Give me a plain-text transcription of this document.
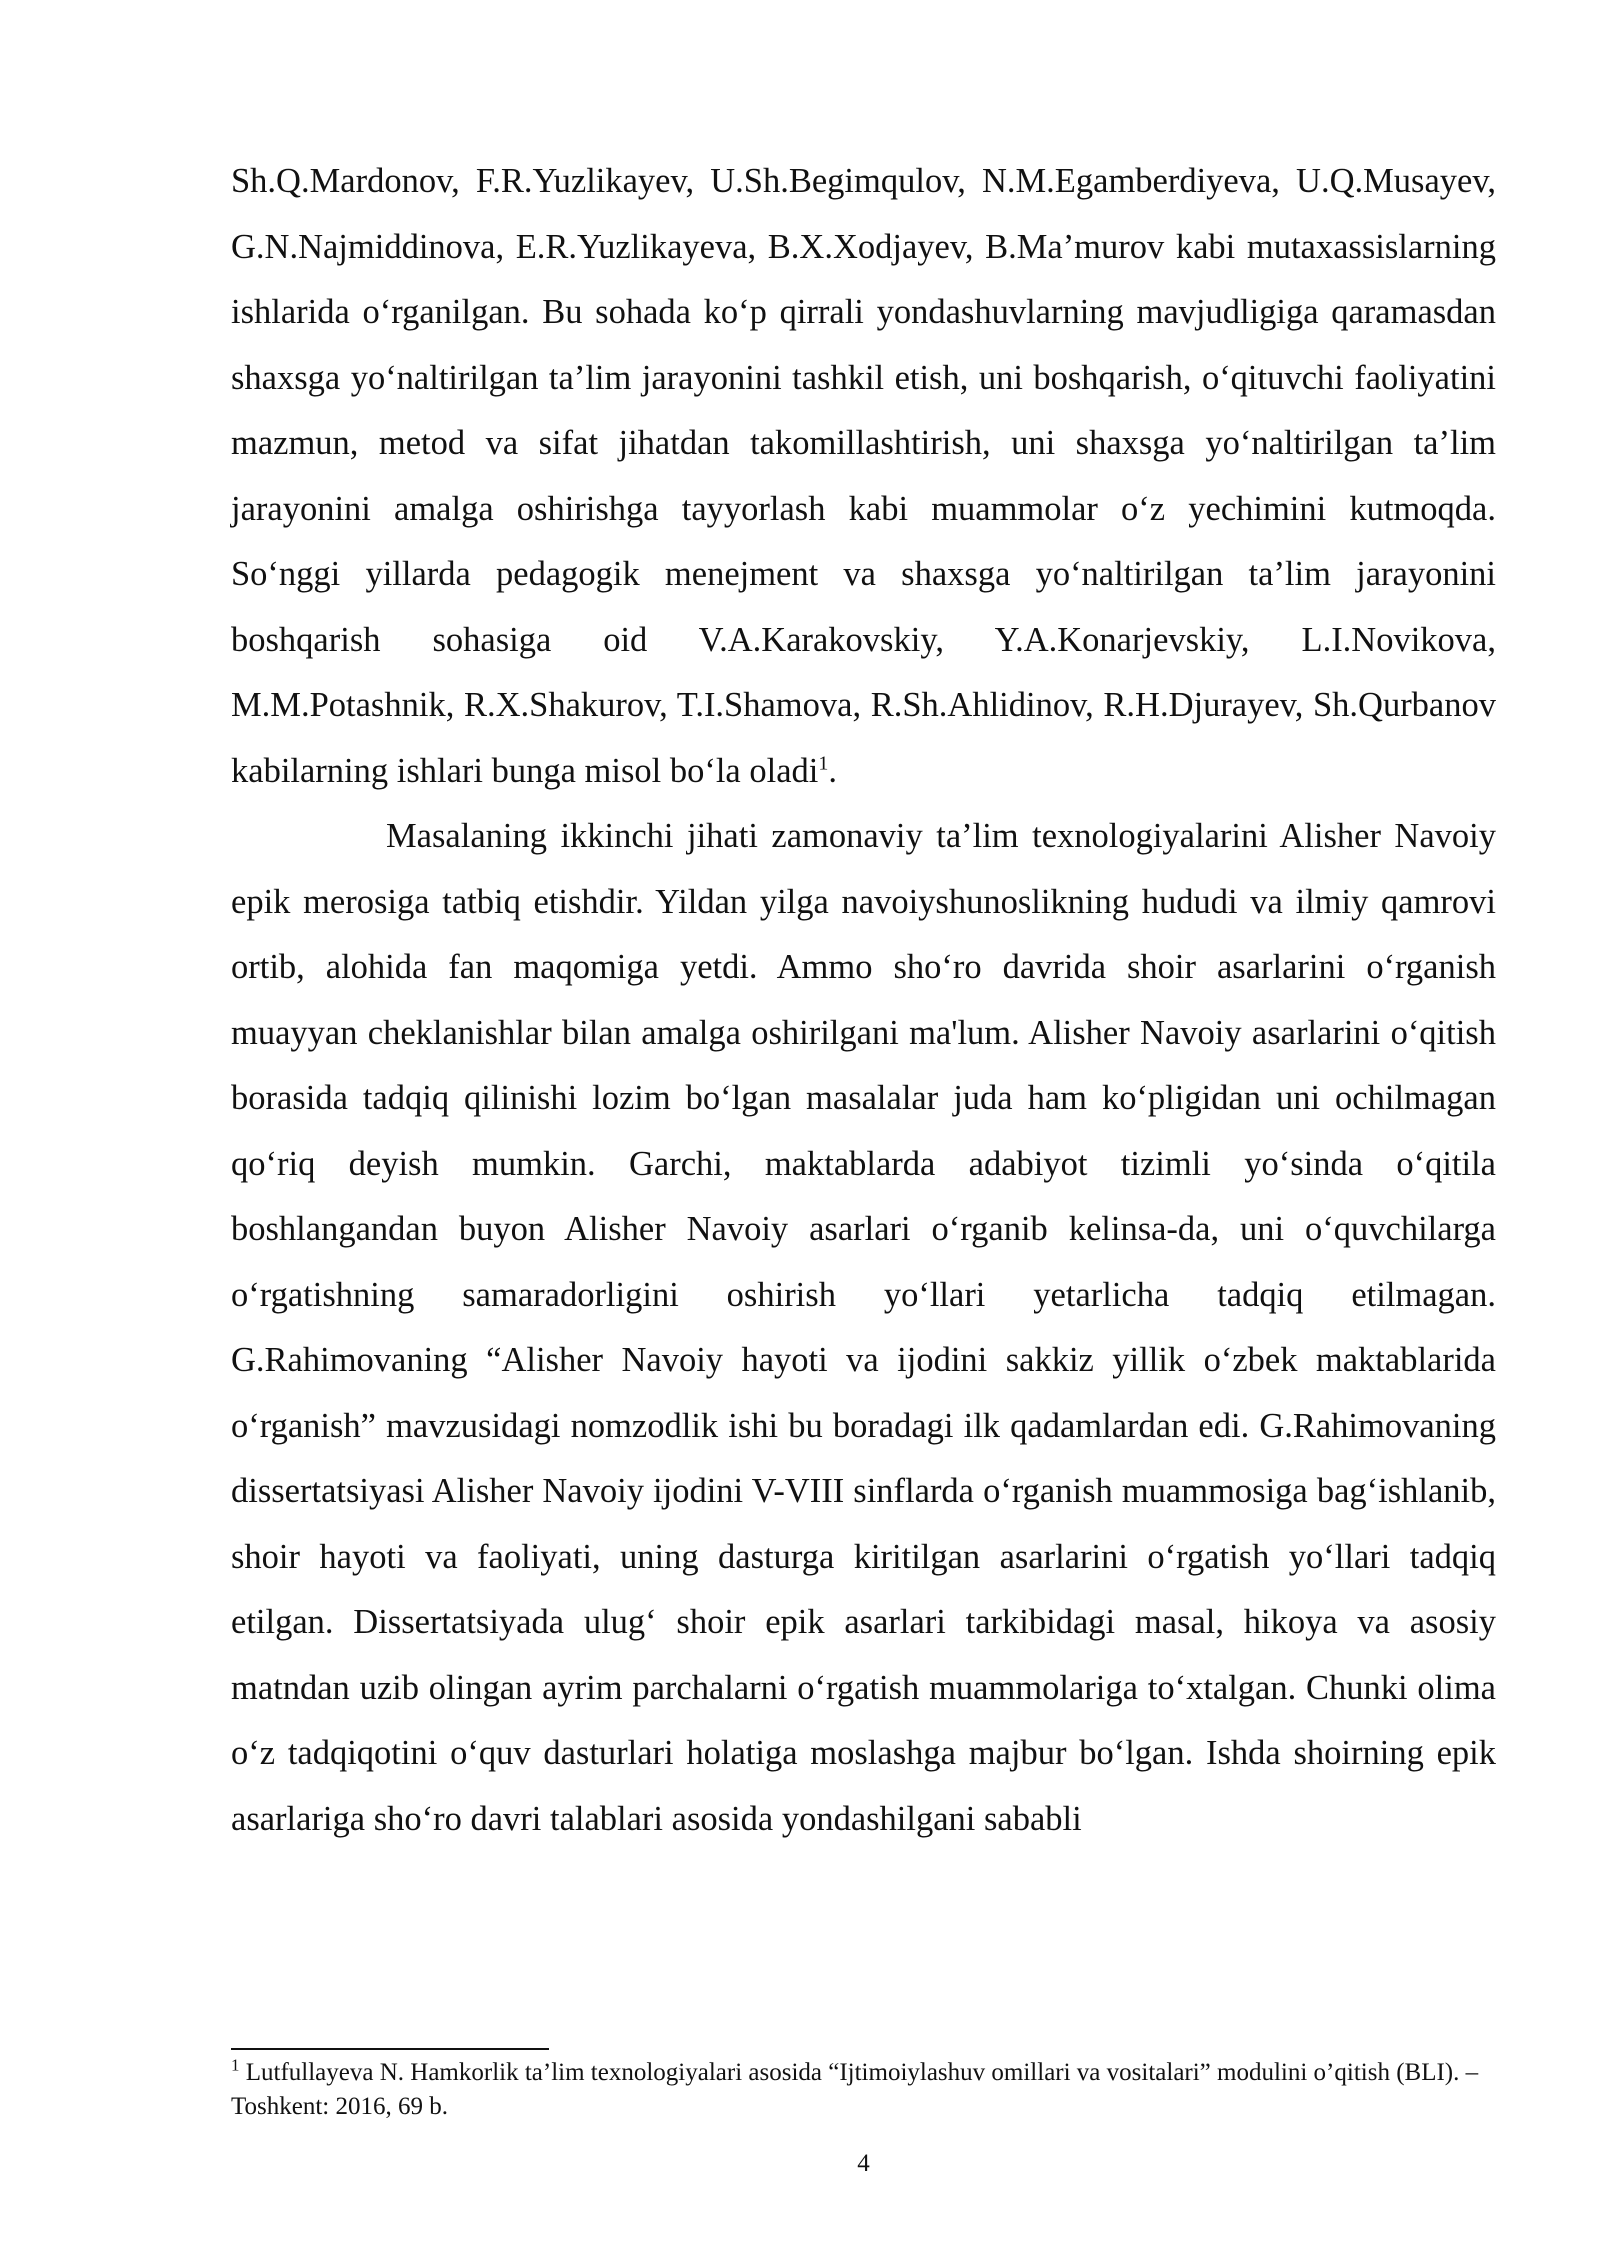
Sh.Q.Mardonov, F.R.Yuzlikayev, U.Sh.Begimqulov, N.M.Egamberdiyeva, U.Q.Musayev, G.N.Najmiddinova, E.R.Yuzlikayeva, B.X.Xodjayev, B.Ma’murov kabi mutaxassislarning ishlarida o‘rganilgan. Bu sohada ko‘p qirrali yondashuvlarning mavjudligiga qaramasdan shaxsga yo‘naltirilgan ta’lim jarayonini tashkil etish, uni boshqarish, o‘qituvchi faoliyatini mazmun, metod va sifat jihatdan takomillashtirish, uni shaxsga yo‘naltirilgan ta’lim jarayonini amalga oshirishga tayyorlash kabi muammolar o‘z yechimini kutmoqda. So‘nggi yillarda pedagogik menejment va shaxsga yo‘naltirilgan ta’lim jarayonini boshqarish sohasiga oid V.A.Karakovskiy, Y.A.Konarjevskiy, L.I.Novikova, M.M.Potashnik, R.X.Shakurov, T.I.Shamova, R.Sh.Ahlidinov, R.H.Djurayev, Sh.Qurbanov kabilarning ishlari bunga misol bo‘la oladi$^1$.

Masalaning ikkinchi jihati zamonaviy ta’lim texnologiyalarini Alisher Navoiy epik merosiga tatbiq etishdir. Yildan yilga navoiyshunoslikning hududi va ilmiy qamrovi ortib, alohida fan maqomiga yetdi. Ammo sho‘ro davrida shoir asarlarini o‘rganish muayyan cheklanishlar bilan amalga oshirilgani ma'lum. Alisher Navoiy asarlarini o‘qitish borasida tadqiq qilinishi lozim bo‘lgan masalalar juda ham ko‘pligidan uni ochilmagan qo‘riq deyish mumkin. Garchi, maktablarda adabiyot tizimli yo‘sinda o‘qitila boshlangandan buyon Alisher Navoiy asarlari o‘rganib kelinsa-da, uni o‘quvchilarga o‘rgatishning samaradorligini oshirish yo‘llari yetarlicha tadqiq etilmagan. G.Rahimovaning “Alisher Navoiy hayoti va ijodini sakkiz yillik o‘zbek maktablarida o‘rganish” mavzusidagi nomzodlik ishi bu boradagi ilk qadamlardan edi. G.Rahimovaning dissertatsiyasi Alisher Navoiy ijodini V-VIII sinflarda o‘rganish muammosiga bag‘ishlanib, shoir hayoti va faoliyati, uning dasturga kiritilgan asarlarini o‘rgatish yo‘llari tadqiq etilgan. Dissertatsiyada ulug‘ shoir epik asarlari tarkibidagi masal, hikoya va asosiy matndan uzib olingan ayrim parchalarni o‘rgatish muammolariga to‘xtalgan. Chunki olima o‘z tadqiqotini o‘quv dasturlari holatiga moslashga majbur bo‘lgan. Ishda shoirning epik asarlariga sho‘ro davri talablari asosida yondashilgani sababli

$^1$ Lutfullayeva N. Hamkorlik ta’lim texnologiyalari asosida “Ijtimoiylashuv omillari va vositalari” modulini o’qitish (BLI). – Toshkent: 2016, 69 b.

4
